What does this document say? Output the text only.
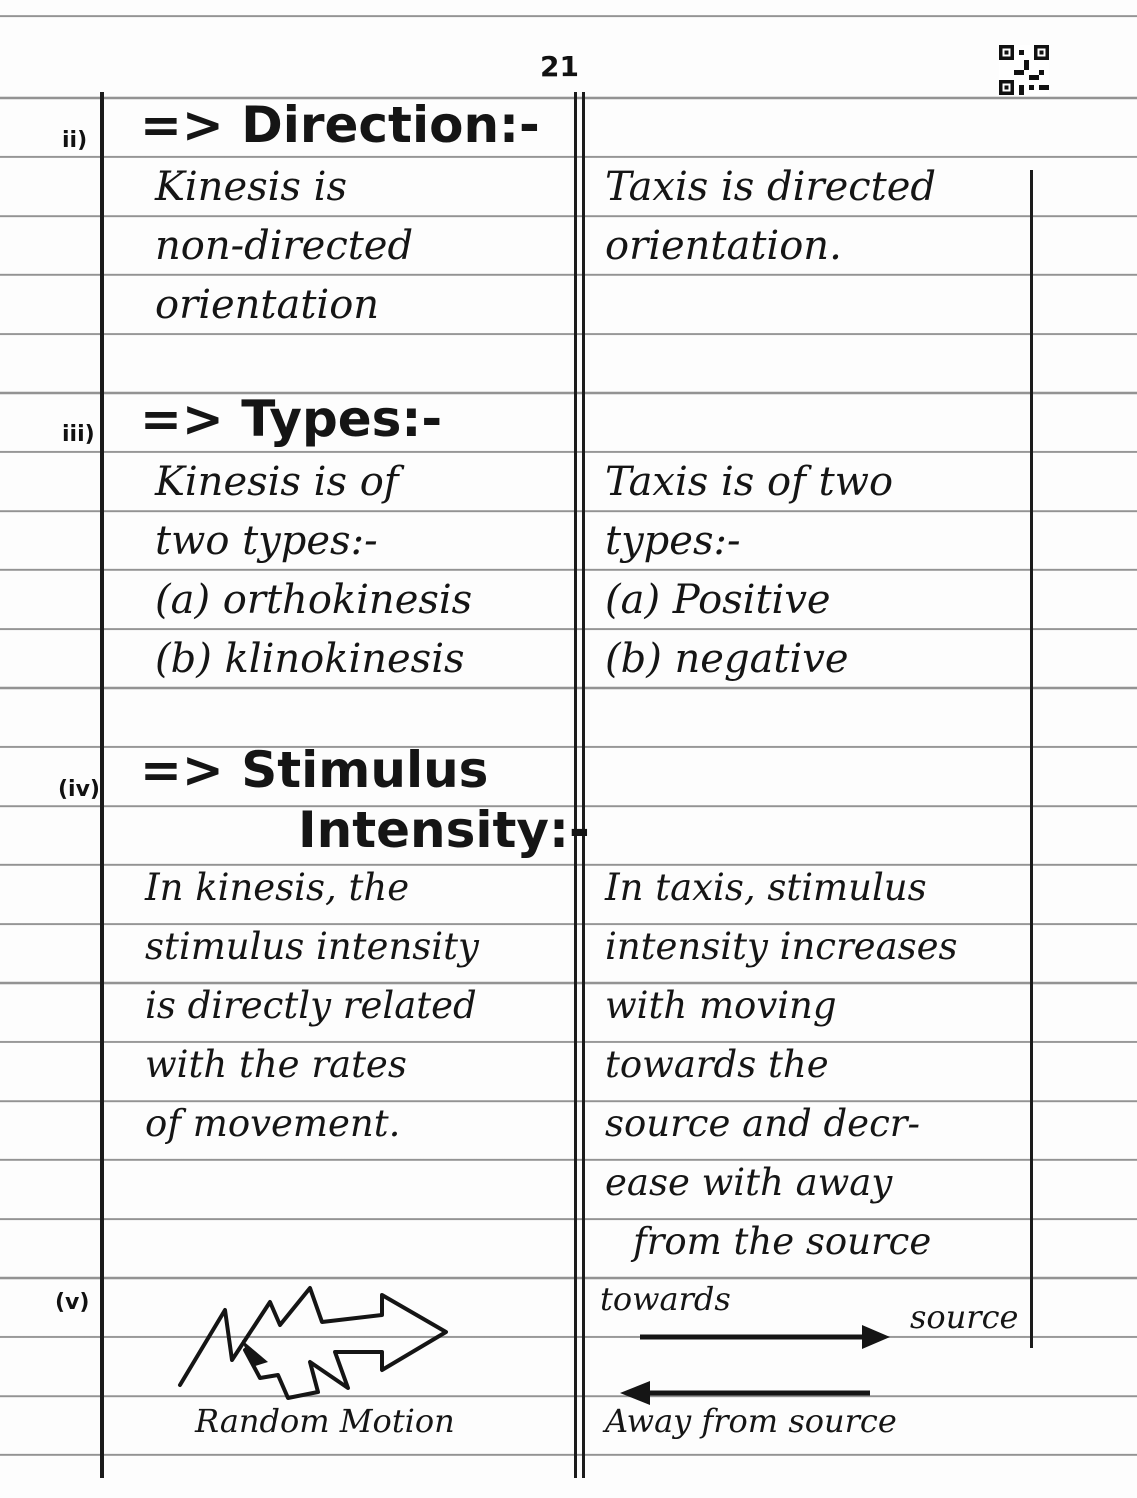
21
ii) => Direction:-
Kinesis is
non-directed
orientation
Taxis is directed
orientation.
iii) => Types:-
Kinesis is of
two types:-
(a) orthokinesis
(b) klinokinesis
Taxis is of two
types:-
(a) Positive
(b) negative
(iv) => Stimulus
Intensity:-
In kinesis, the
stimulus intensity
is directly related
with the rates
of movement.
In taxis, stimulus
intensity increases
with moving
towards the
source and decr-
ease with away
from the source
(v)
Random Motion
towards	source
Away from source
